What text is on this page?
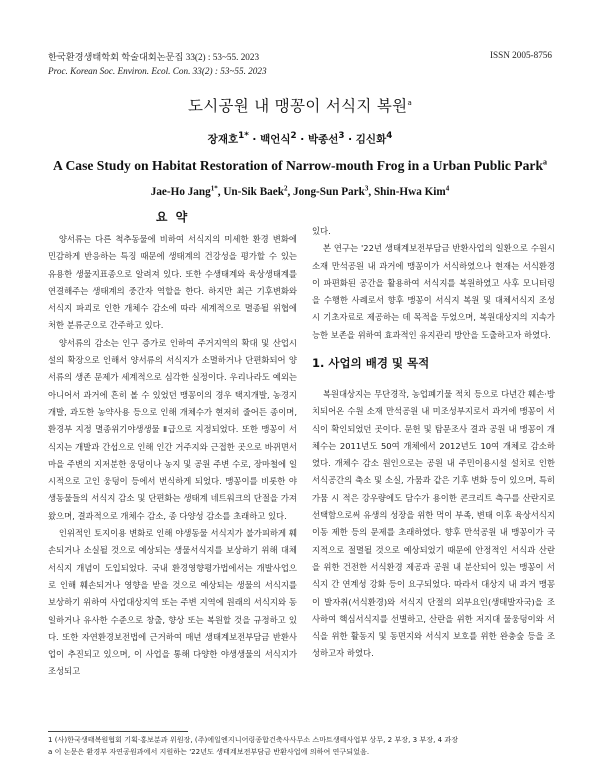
한국환경생태학회 학술대회논문집 33(2) : 53~55. 2023
Proc. Korean Soc. Environ. Ecol. Con. 33(2) : 53~55. 2023
ISSN 2005-8756
도시공원 내 맹꽁이 서식지 복원$^a$
장재호$^{1*}$ · 백언식$^2$ · 박종선$^3$ · 김신화$^4$
A Case Study on Habitat Restoration of Narrow-mouth Frog in a Urban Public Park$^a$
Jae-Ho Jang$^{1*}$, Un-Sik Baek$^2$, Jong-Sun Park$^3$, Shin-Hwa Kim$^4$
요 약

양서류는 다른 척추동물에 비하여 서식지의 미세한 환경 변화에 민감하게 반응하는 특징 때문에 생태계의 건강성을 평가할 수 있는 유용한 생물지표종으로 알려져 있다. 또한 수생태계와 육상생태계를 연결해주는 생태계의 중간자 역할을 한다. 하지만 최근 기후변화와 서식지 파괴로 인한 개체수 감소에 따라 세계적으로 멸종될 위협에 처한 분류군으로 간주하고 있다.

양서류의 감소는 인구 증가로 인하여 주거지역의 확대 및 산업시설의 확장으로 인해서 양서류의 서식지가 소멸하거나 단편화되어 양서류의 생존 문제가 세계적으로 심각한 실정이다. 우리나라도 예외는 아니어서 과거에 흔히 볼 수 있었던 맹꽁이의 경우 택지개발, 농경지 개발, 과도한 농약사용 등으로 인해 개체수가 현저히 줄어든 종이며, 환경부 지정 멸종위기야생생물 Ⅱ급으로 지정되었다. 또한 맹꽁이 서식지는 개발과 간섭으로 인해 인간 거주지와 근접한 곳으로 바뀌면서 마을 주변의 지저분한 웅덩이나 농지 및 공원 주변 수로, 장마철에 일시적으로 고인 웅덩이 등에서 번식하게 되었다. 맹꽁이를 비롯한 야생동물들의 서식지 감소 및 단편화는 생태계 네트워크의 단절을 가져왔으며, 결과적으로 개체수 감소, 종 다양성 감소를 초래하고 있다.

인위적인 토지이용 변화로 인해 야생동물 서식지가 불가피하게 훼손되거나 소실될 것으로 예상되는 생물서식지를 보상하기 위해 대체서식지 개념이 도입되었다. 국내 환경영향평가법에서는 개발사업으로 인해 훼손되거나 영향을 받을 것으로 예상되는 생물의 서식지를 보상하기 위하여 사업대상지역 또는 주변 지역에 원래의 서식지와 동일하거나 유사한 수준으로 창출, 향상 또는 복원할 것을 규정하고 있다. 또한 자연환경보전법에 근거하여 매년 생태계보전부담금 반환사업이 추진되고 있으며, 이 사업을 통해 다양한 야생생물의 서식지가 조성되고

있다.

본 연구는 '22년 생태계보전부담금 반환사업의 일환으로 수원시 소재 만석공원 내 과거에 맹꽁이가 서식하였으나 현재는 서식환경이 파편화된 공간을 활용하여 서식지를 복원하였고 사후 모니터링을 수행한 사례로서 향후 맹꽁이 서식지 복원 및 대체서식지 조성 시 기초자료로 제공하는 데 목적을 두었으며, 복원대상지의 지속가능한 보존을 위하여 효과적인 유지관리 방안을 도출하고자 하였다.

1. 사업의 배경 및 목적

복원대상지는 무단경작, 농업폐기물 적치 등으로 다년간 훼손·방치되어온 수원 소재 만석공원 내 미조성부지로서 과거에 맹꽁이 서식이 확인되었던 곳이다. 문헌 및 탐문조사 결과 공원 내 맹꽁이 개체수는 2011년도 50여 개체에서 2012년도 10여 개체로 감소하였다. 개체수 감소 원인으로는 공원 내 주민이용시설 설치로 인한 서식공간의 축소 및 소실, 가뭄과 같은 기후 변화 등이 있으며, 특히 가뭄 시 적은 강우량에도 담수가 용이한 콘크리트 측구를 산란지로 선택함으로써 유생의 성장을 위한 먹이 부족, 변태 이후 육상서식지 이동 제한 등의 문제를 초래하였다. 향후 만석공원 내 맹꽁이가 국지적으로 절멸될 것으로 예상되었기 때문에 안정적인 서식과 산란을 위한 건전한 서식환경 제공과 공원 내 분산되어 있는 맹꽁이 서식지 간 연계성 강화 등이 요구되었다. 따라서 대상지 내 과거 맹꽁이 발자취(서식환경)와 서식지 단절의 외부요인(생태발자국)을 조사하여 핵심서식지를 선별하고, 산란을 위한 저지대 물웅덩이와 서식을 위한 활동지 및 동면지와 서식지 보호를 위한 완충숲 등을 조성하고자 하였다.

1 (사)한국생태복원협회 기획·홍보분과 위원장, (주)에일엔지니어링종합건축사사무소 스마트생태사업부 상무, 2 부장, 3 부장, 4 과장
a 이 논문은 환경부 자연공원과에서 지원하는 '22년도 생태계보전부담금 반환사업에 의하여 연구되었음.
